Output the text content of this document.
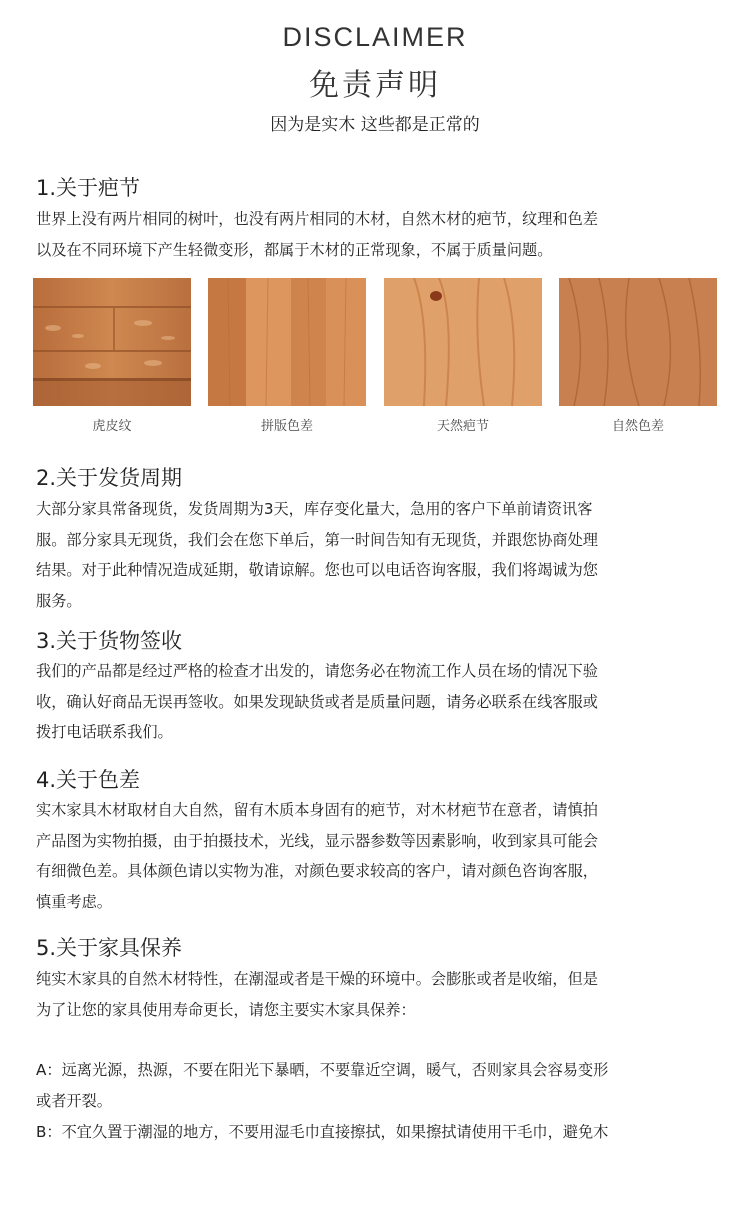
DISCLAIMER
免责声明
因为是实木 这些都是正常的
1.关于疤节

世界上没有两片相同的树叶，也没有两片相同的木材，自然木材的疤节，纹理和色差
以及在不同环境下产生轻微变形，都属于木材的正常现象，不属于质量问题。

虎皮纹	拼版色差	天然疤节	自然色差
2.关于发货周期

大部分家具常备现货，发货周期为3天，库存变化量大，急用的客户下单前请资讯客
服。部分家具无现货，我们会在您下单后，第一时间告知有无现货，并跟您协商处理
结果。对于此种情况造成延期，敬请谅解。您也可以电话咨询客服，我们将竭诚为您
服务。

3.关于货物签收

我们的产品都是经过严格的检查才出发的，请您务必在物流工作人员在场的情况下验
收，确认好商品无误再签收。如果发现缺货或者是质量问题，请务必联系在线客服或
拨打电话联系我们。

4.关于色差

实木家具木材取材自大自然，留有木质本身固有的疤节，对木材疤节在意者，请慎拍
产品图为实物拍摄，由于拍摄技术，光线，显示器参数等因素影响，收到家具可能会
有细微色差。具体颜色请以实物为准，对颜色要求较高的客户，请对颜色咨询客服，
慎重考虑。

5.关于家具保养

纯实木家具的自然木材特性，在潮湿或者是干燥的环境中。会膨胀或者是收缩，但是
为了让您的家具使用寿命更长，请您主要实木家具保养：

A：远离光源，热源，不要在阳光下暴晒，不要靠近空调，暖气，否则家具会容易变形
或者开裂。

B：不宜久置于潮湿的地方，不要用湿毛巾直接擦拭，如果擦拭请使用干毛巾，避免木
